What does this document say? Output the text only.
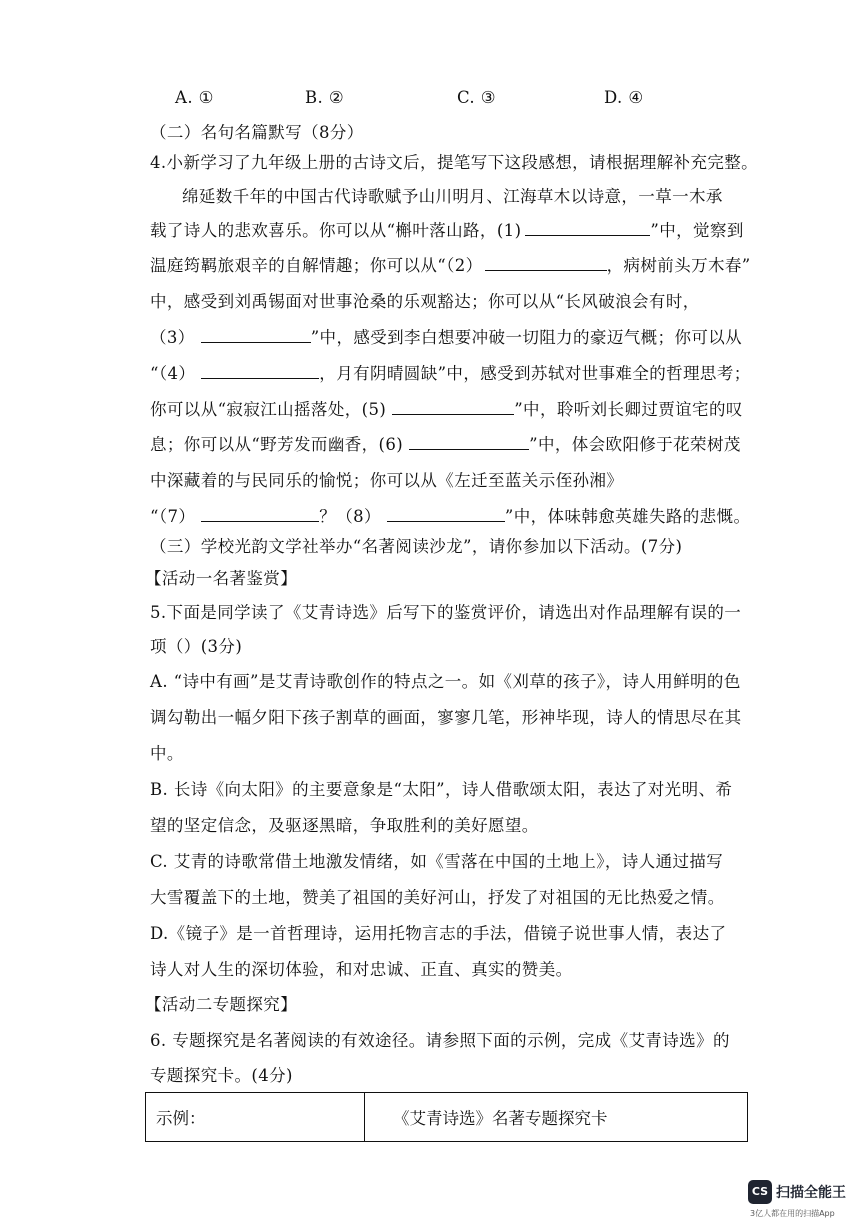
A. ①	B. ②	C. ③	D. ④
（二）名句名篇默写（8分）
4.小新学习了九年级上册的古诗文后，提笔写下这段感想，请根据理解补充完整。
绵延数千年的中国古代诗歌赋予山川明月、江海草木以诗意，一草一木承
载了诗人的悲欢喜乐。你可以从“槲叶落山路，(1)	”中，觉察到
温庭筠羁旅艰辛的自解情趣；你可以从“（2）	，病树前头万木春”
中，感受到刘禹锡面对世事沧桑的乐观豁达；你可以从“长风破浪会有时，
（3）	”中，感受到李白想要冲破一切阻力的豪迈气概；你可以从
“（4）	，月有阴晴圆缺”中，感受到苏轼对世事难全的哲理思考；
你可以从“寂寂江山摇落处，(5)	”中，聆听刘长卿过贾谊宅的叹
息；你可以从“野芳发而幽香，(6)	”中，体会欧阳修于花荣树茂
中深藏着的与民同乐的愉悦；你可以从《左迁至蓝关示侄孙湘》
“（7）	？（8）	”中，体味韩愈英雄失路的悲慨。
（三）学校光韵文学社举办“名著阅读沙龙”，请你参加以下活动。(7分)
【活动一名著鉴赏】
5.下面是同学读了《艾青诗选》后写下的鉴赏评价，请选出对作品理解有误的一
项（）(3分)
A. “诗中有画”是艾青诗歌创作的特点之一。如《刈草的孩子》，诗人用鲜明的色
调勾勒出一幅夕阳下孩子割草的画面，寥寥几笔，形神毕现，诗人的情思尽在其
中。
B. 长诗《向太阳》的主要意象是“太阳”，诗人借歌颂太阳，表达了对光明、希
望的坚定信念，及驱逐黑暗，争取胜利的美好愿望。
C. 艾青的诗歌常借土地激发情绪，如《雪落在中国的土地上》，诗人通过描写
大雪覆盖下的土地，赞美了祖国的美好河山，抒发了对祖国的无比热爱之情。
D.《镜子》是一首哲理诗，运用托物言志的手法，借镜子说世事人情，表达了
诗人对人生的深切体验，和对忠诚、正直、真实的赞美。
【活动二专题探究】
6. 专题探究是名著阅读的有效途径。请参照下面的示例，完成《艾青诗选》的
专题探究卡。(4分)
示例：	《艾青诗选》名著专题探究卡
CS 扫描全能王
3亿人都在用的扫描App
